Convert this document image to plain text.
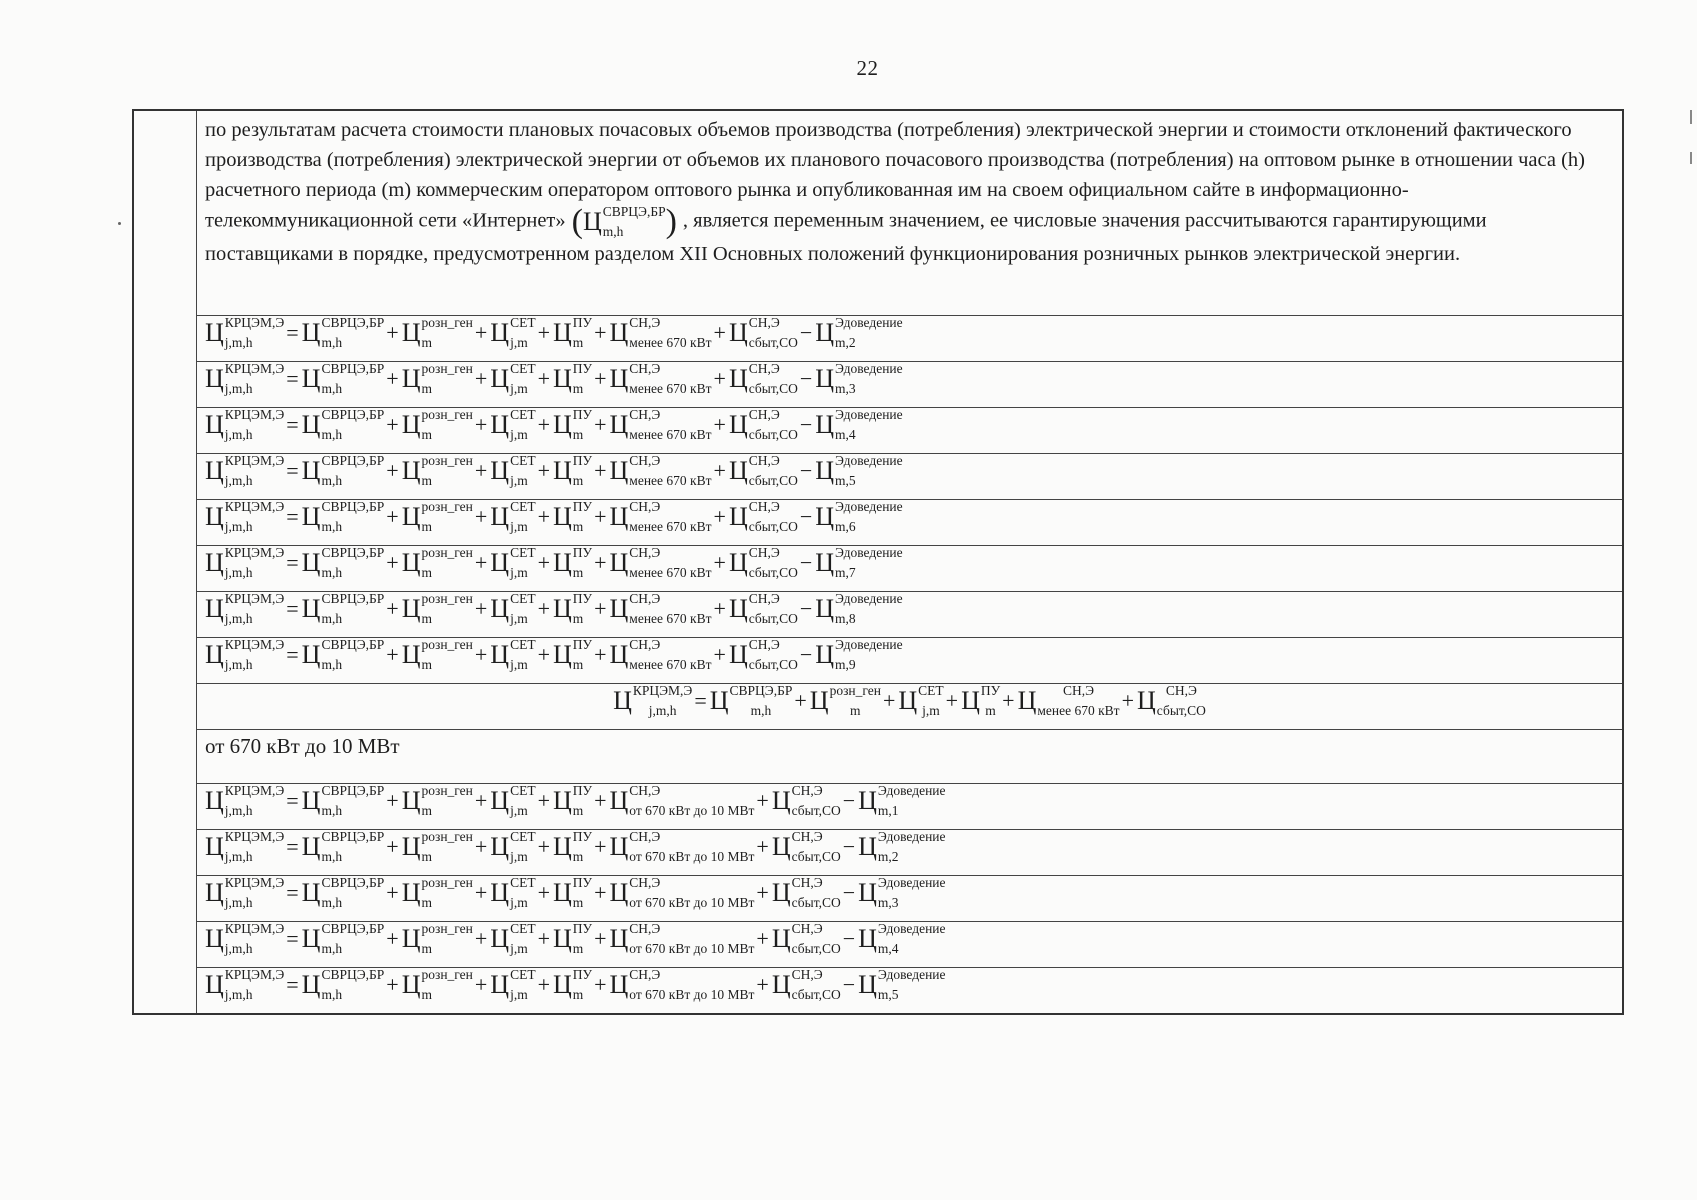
22
	по результатам расчета стоимости плановых почасовых объемов производства (потребления) электрической энергии и стоимости отклонений фактического производства (потребления) электрической энергии от объемов их планового почасового производства (потребления) на оптовом рынке в отношении часа (h) расчетного периода (m) коммерческим оператором оптового рынка и опубликованная им на своем официальном сайте в информационно-телекоммуникационной сети «Интернет» ( Ц СВРЦЭ,БР
m,h	) , является переменным значением, ее числовые значения рассчитываются гарантирующими поставщиками в порядке, предусмотренном разделом XII Основных положений функционирования розничных рынков электрической энергии.

Ц КРЦЭМ,Э
j,m,h	= Ц СВРЦЭ,БР
m,h	+ Ц розн_ген
m	+ Ц СЕТ
j,m + Ц ПУ
m + Ц СН,Э
менее 670 кВт + Ц СН,Э
сбыт,СО − Ц Эдоведение
m,2

Ц КРЦЭМ,Э
j,m,h	= Ц СВРЦЭ,БР
m,h	+ Ц розн_ген
m	+ Ц СЕТ
j,m + Ц ПУ
m + Ц СН,Э
менее 670 кВт + Ц СН,Э
сбыт,СО − Ц Эдоведение
m,3

Ц КРЦЭМ,Э
j,m,h	= Ц СВРЦЭ,БР
m,h	+ Ц розн_ген
m	+ Ц СЕТ
j,m + Ц ПУ
m + Ц СН,Э
менее 670 кВт + Ц СН,Э
сбыт,СО − Ц Эдоведение
m,4

Ц КРЦЭМ,Э
j,m,h	= Ц СВРЦЭ,БР
m,h	+ Ц розн_ген
m	+ Ц СЕТ
j,m + Ц ПУ
m + Ц СН,Э
менее 670 кВт + Ц СН,Э
сбыт,СО − Ц Эдоведение
m,5

Ц КРЦЭМ,Э
j,m,h	= Ц СВРЦЭ,БР
m,h	+ Ц розн_ген
m	+ Ц СЕТ
j,m + Ц ПУ
m + Ц СН,Э
менее 670 кВт + Ц СН,Э
сбыт,СО − Ц Эдоведение
m,6

Ц КРЦЭМ,Э
j,m,h	= Ц СВРЦЭ,БР
m,h	+ Ц розн_ген
m	+ Ц СЕТ
j,m + Ц ПУ
m + Ц СН,Э
менее 670 кВт + Ц СН,Э
сбыт,СО − Ц Эдоведение
m,7

Ц КРЦЭМ,Э
j,m,h	= Ц СВРЦЭ,БР
m,h	+ Ц розн_ген
m	+ Ц СЕТ
j,m + Ц ПУ
m + Ц СН,Э
менее 670 кВт + Ц СН,Э
сбыт,СО − Ц Эдоведение
m,8

Ц КРЦЭМ,Э
j,m,h	= Ц СВРЦЭ,БР
m,h	+ Ц розн_ген
m	+ Ц СЕТ
j,m + Ц ПУ
m + Ц СН,Э
менее 670 кВт + Ц СН,Э
сбыт,СО − Ц Эдоведение
m,9

Ц КРЦЭМ,Э
j,m,h = Ц СВРЦЭ,БР
m,h	+ Ц розн_ген
m	+ Ц СЕТ
j,m + Ц ПУ
m + Ц	СН,Э
менее 670 кВт + Ц СН,Э
сбыт,СО

от 670 кВт до 10 МВт

Ц КРЦЭМ,Э
j,m,h	= Ц СВРЦЭ,БР
m,h	+ Ц розн_ген
m	+ Ц СЕТ
j,m + Ц ПУ
m + Ц СН,Э
от 670 кВт до 10 МВт + Ц СН,Э
сбыт,СО − Ц Эдоведение
m,1

Ц КРЦЭМ,Э
j,m,h	= Ц СВРЦЭ,БР
m,h	+ Ц розн_ген
m	+ Ц СЕТ
j,m + Ц ПУ
m + Ц СН,Э
от 670 кВт до 10 МВт + Ц СН,Э
сбыт,СО − Ц Эдоведение
m,2

Ц КРЦЭМ,Э
j,m,h	= Ц СВРЦЭ,БР
m,h	+ Ц розн_ген
m	+ Ц СЕТ
j,m + Ц ПУ
m + Ц СН,Э
от 670 кВт до 10 МВт + Ц СН,Э
сбыт,СО − Ц Эдоведение
m,3

Ц КРЦЭМ,Э
j,m,h	= Ц СВРЦЭ,БР
m,h	+ Ц розн_ген
m	+ Ц СЕТ
j,m + Ц ПУ
m + Ц СН,Э
от 670 кВт до 10 МВт + Ц СН,Э
сбыт,СО − Ц Эдоведение
m,4

Ц КРЦЭМ,Э
j,m,h	= Ц СВРЦЭ,БР
m,h	+ Ц розн_ген
m	+ Ц СЕТ
j,m + Ц ПУ
m + Ц СН,Э
от 670 кВт до 10 МВт + Ц СН,Э
сбыт,СО − Ц Эдоведение
m,5
